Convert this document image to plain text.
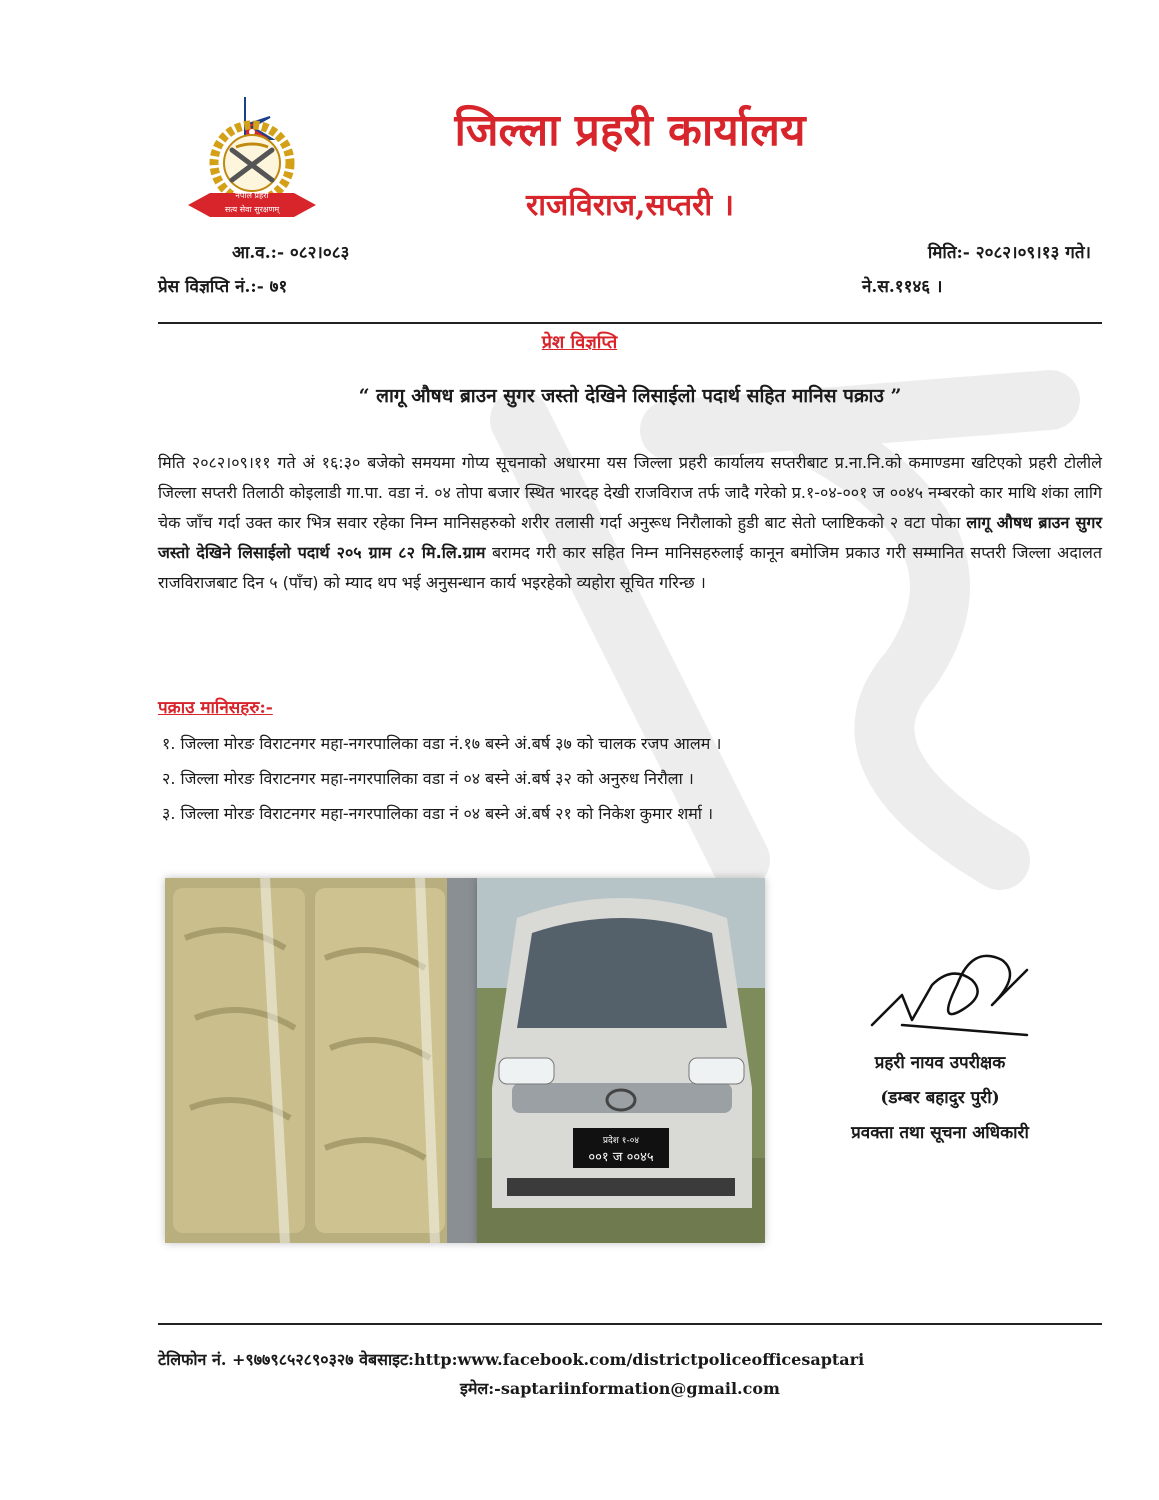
नेपाल प्रहरी
सत्य सेवा सुरक्षणम्
जिल्ला प्रहरी कार्यालय
राजविराज,सप्तरी ।
आ.व.:- ०८२।०८३
प्रेस विज्ञप्ति नं.:- ७१
मिति:- २०८२।०९।१३ गते।
ने.स.११४६ ।
प्रेश विज्ञप्ति
“ लागू औषध ब्राउन सुगर जस्तो देखिने लिसाईलो पदार्थ सहित मानिस पक्राउ ”
मिति २०८२।०९।११ गते अं १६:३० बजेको समयमा गोप्य सूचनाको अधारमा यस जिल्ला प्रहरी कार्यालय सप्तरीबाट प्र.ना.नि.को कमाण्डमा खटिएको प्रहरी टोलीले जिल्ला सप्तरी तिलाठी कोइलाडी गा.पा. वडा नं. ०४ तोपा बजार स्थित भारदह देखी राजविराज तर्फ जादै गरेको प्र.१-०४-००१ ज ००४५ नम्बरको कार माथि शंका लागि चेक जाँच गर्दा उक्त कार भित्र सवार रहेका निम्न मानिसहरुको शरीर तलासी गर्दा अनुरूध निरौलाको हुडी बाट सेतो प्लाष्टिकको २ वटा पोका लागू औषध ब्राउन सुगर जस्तो देखिने लिसाईलो पदार्थ २०५ ग्राम ८२ मि.लि.ग्राम बरामद गरी कार सहित निम्न मानिसहरुलाई कानून बमोजिम प्रकाउ गरी सम्मानित सप्तरी जिल्ला अदालत राजविराजबाट दिन ५ (पाँच) को म्याद थप भई अनुसन्धान कार्य भइरहेको व्यहोरा सूचित गरिन्छ ।
पक्राउ मानिसहरु:-
१. जिल्ला मोरङ विराटनगर महा-नगरपालिका वडा नं.१७ बस्ने अं.बर्ष ३७ को चालक रजप आलम ।
२. जिल्ला मोरङ विराटनगर महा-नगरपालिका वडा नं ०४ बस्ने अं.बर्ष ३२ को अनुरुध निरौला ।
३. जिल्ला मोरङ विराटनगर महा-नगरपालिका वडा नं ०४ बस्ने अं.बर्ष २१ को निकेश कुमार शर्मा ।
प्रदेश १-०४
००१ ज ००४५
प्रहरी नायव उपरीक्षक
(डम्बर बहादुर पुरी)
प्रवक्ता तथा सूचना अधिकारी
टेलिफोन नं. +९७७९८५२८९०३२७ वेबसाइट:http:www.facebook.com/districtpoliceofficesaptari
इमेल:-saptariinformation@gmail.com
